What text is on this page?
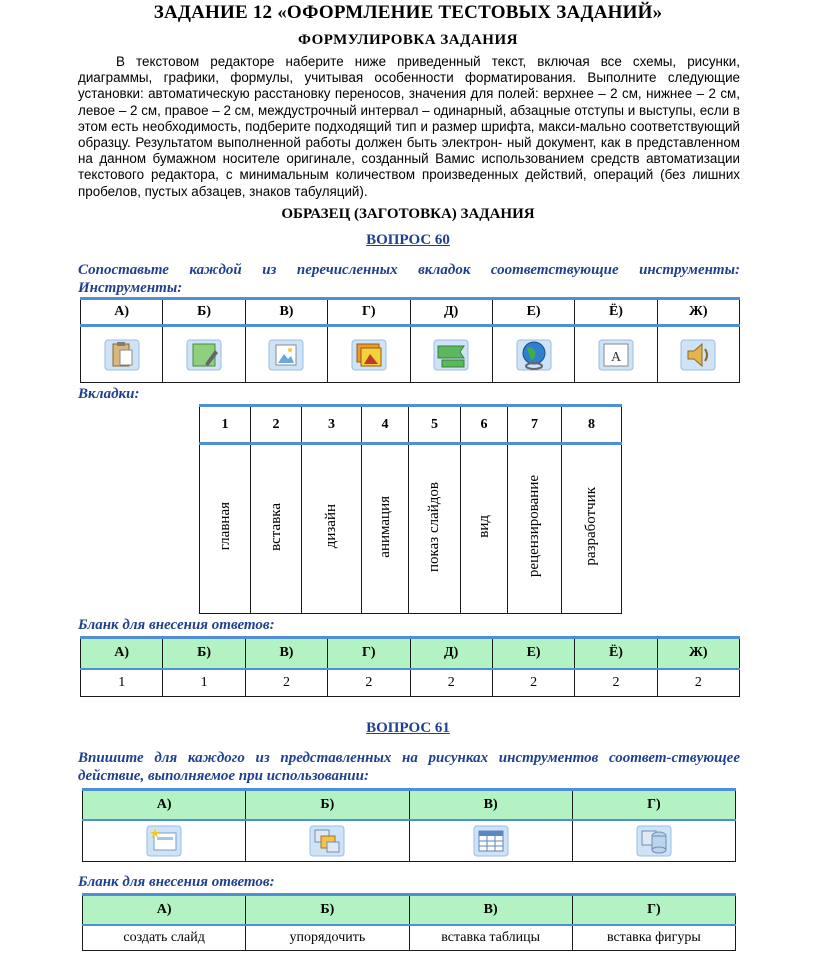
ЗАДАНИЕ 12 «ОФОРМЛЕНИЕ ТЕСТОВЫХ ЗАДАНИЙ»
ФОРМУЛИРОВКА ЗАДАНИЯ
В текстовом редакторе наберите ниже приведенный текст, включая все схемы, рисунки, диаграммы, графики, формулы, учитывая особенности форматирования. Выполните следующие установки: автоматическую расстановку переносов, значения для полей: верхнее – 2 см, нижнее – 2 см, левое – 2 см, правое – 2 см, междустрочный интервал – одинарный, абзацные отступы и выступы, если в этом есть необходимость, подберите подходящий тип и размер шрифта, макси-мально соответствующий образцу. Результатом выполненной работы должен быть электрон- ный документ, как в представленном на данном бумажном носителе оригинале, созданный Вамис использованием средств автоматизации текстового редактора, с минимальным количеством произведенных действий, операций (без лишних пробелов, пустых абзацев, знаков табуляций).
ОБРАЗЕЦ (ЗАГОТОВКА) ЗАДАНИЯ
ВОПРОС 60
Сопоставьте каждой из перечисленных вкладок соответствующие инструменты:
Инструменты:
А)	Б)	В)	Г)	Д)	Е)	Ё)	Ж)

A

Вкладки:
1	2	3	4	5	6	7	8
главная	вставка	дизайн	анимация	показ слайдов	вид	рецензирование	разработчик
Бланк для внесения ответов:
А)	Б)	В)	Г)	Д)	Е)	Ё)	Ж)
1	1	2	2	2	2	2	2
ВОПРОС 61
Впишите для каждого из представленных на рисунках инструментов соответ-ствующее действие, выполняемое при использовании:
А)	Б)	В)	Г)

Бланк для внесения ответов:
А)	Б)	В)	Г)
создать слайд	упорядочить	вставка таблицы	вставка фигуры
